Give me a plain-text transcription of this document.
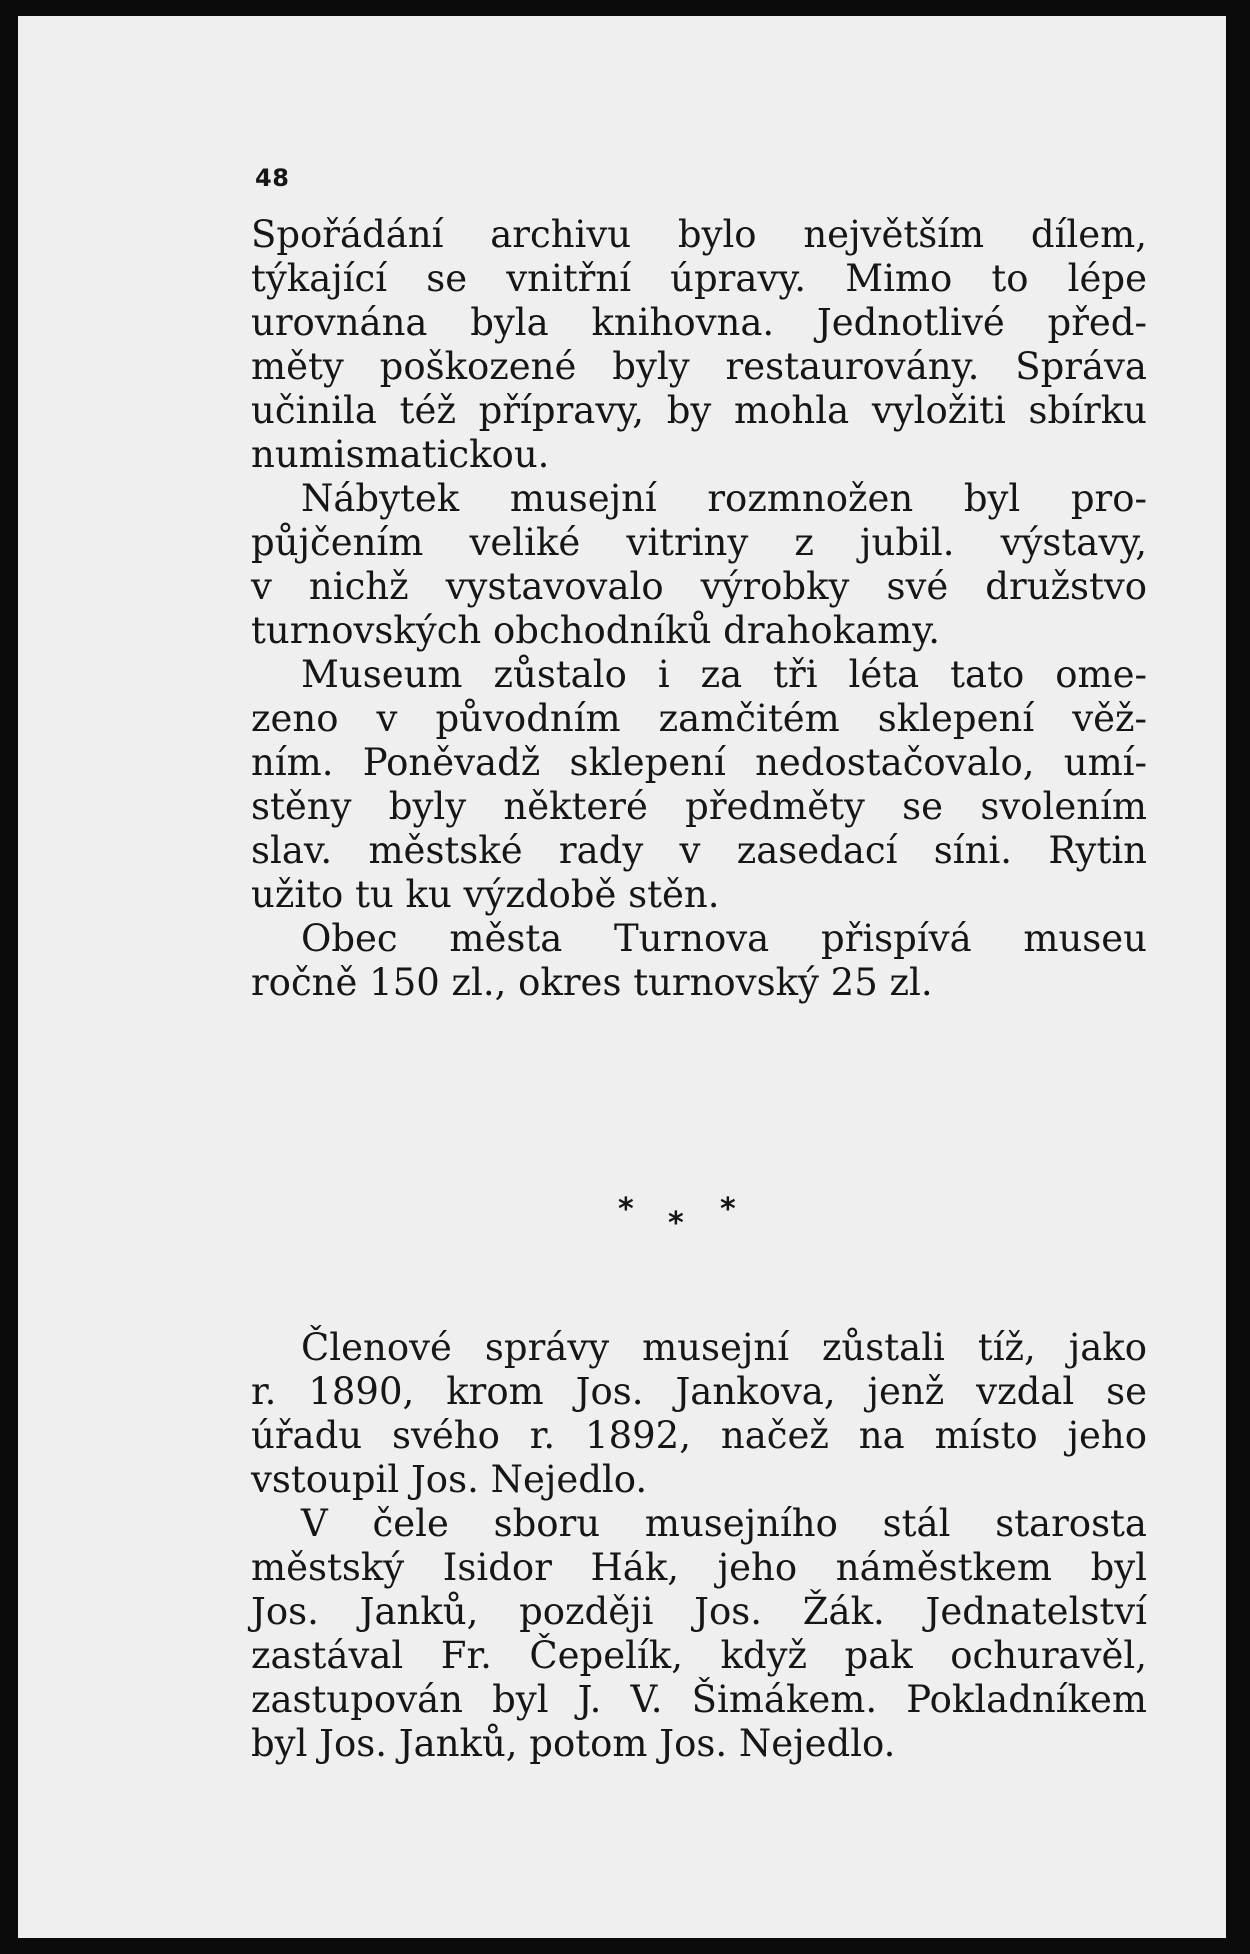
48
Spořádání archivu bylo největším dílem,
týkající se vnitřní úpravy. Mimo to lépe
urovnána byla knihovna. Jednotlivé před-
měty poškozené byly restaurovány. Správa
učinila též přípravy, by mohla vyložiti sbírku
numismatickou.
Nábytek musejní rozmnožen byl pro-
půjčením veliké vitriny z jubil. výstavy,
v nichž vystavovalo výrobky své družstvo
turnovských obchodníků drahokamy.
Museum zůstalo i za tři léta tato ome-
zeno v původním zamčitém sklepení věž-
ním. Poněvadž sklepení nedostačovalo, umí-
stěny byly některé předměty se svolením
slav. městské rady v zasedací síni. Rytin
užito tu ku výzdobě stěn.
Obec města Turnova přispívá museu
ročně 150 zl., okres turnovský 25 zl.
* * *
Členové správy musejní zůstali tíž, jako
r. 1890, krom Jos. Jankova, jenž vzdal se
úřadu svého r. 1892, načež na místo jeho
vstoupil Jos. Nejedlo.
V čele sboru musejního stál starosta
městský Isidor Hák, jeho náměstkem byl
Jos. Janků, později Jos. Žák. Jednatelství
zastával Fr. Čepelík, když pak ochuravěl,
zastupován byl J. V. Šimákem. Pokladníkem
byl Jos. Janků, potom Jos. Nejedlo.
